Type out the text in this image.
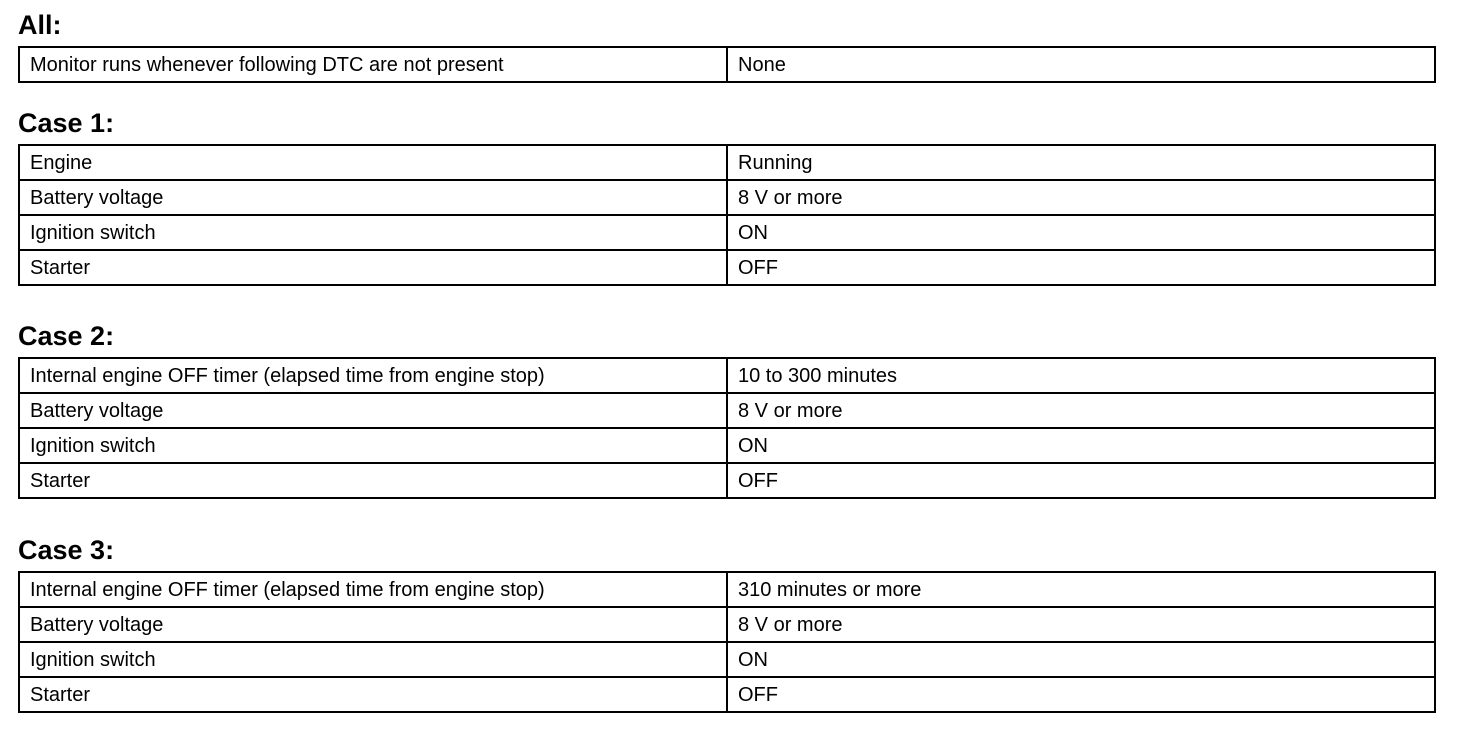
All:
Monitor runs whenever following DTC are not present	None
Case 1:
Engine	Running
Battery voltage	8 V or more
Ignition switch	ON
Starter	OFF
Case 2:
Internal engine OFF timer (elapsed time from engine stop)	10 to 300 minutes
Battery voltage	8 V or more
Ignition switch	ON
Starter	OFF
Case 3:
Internal engine OFF timer (elapsed time from engine stop)	310 minutes or more
Battery voltage	8 V or more
Ignition switch	ON
Starter	OFF
